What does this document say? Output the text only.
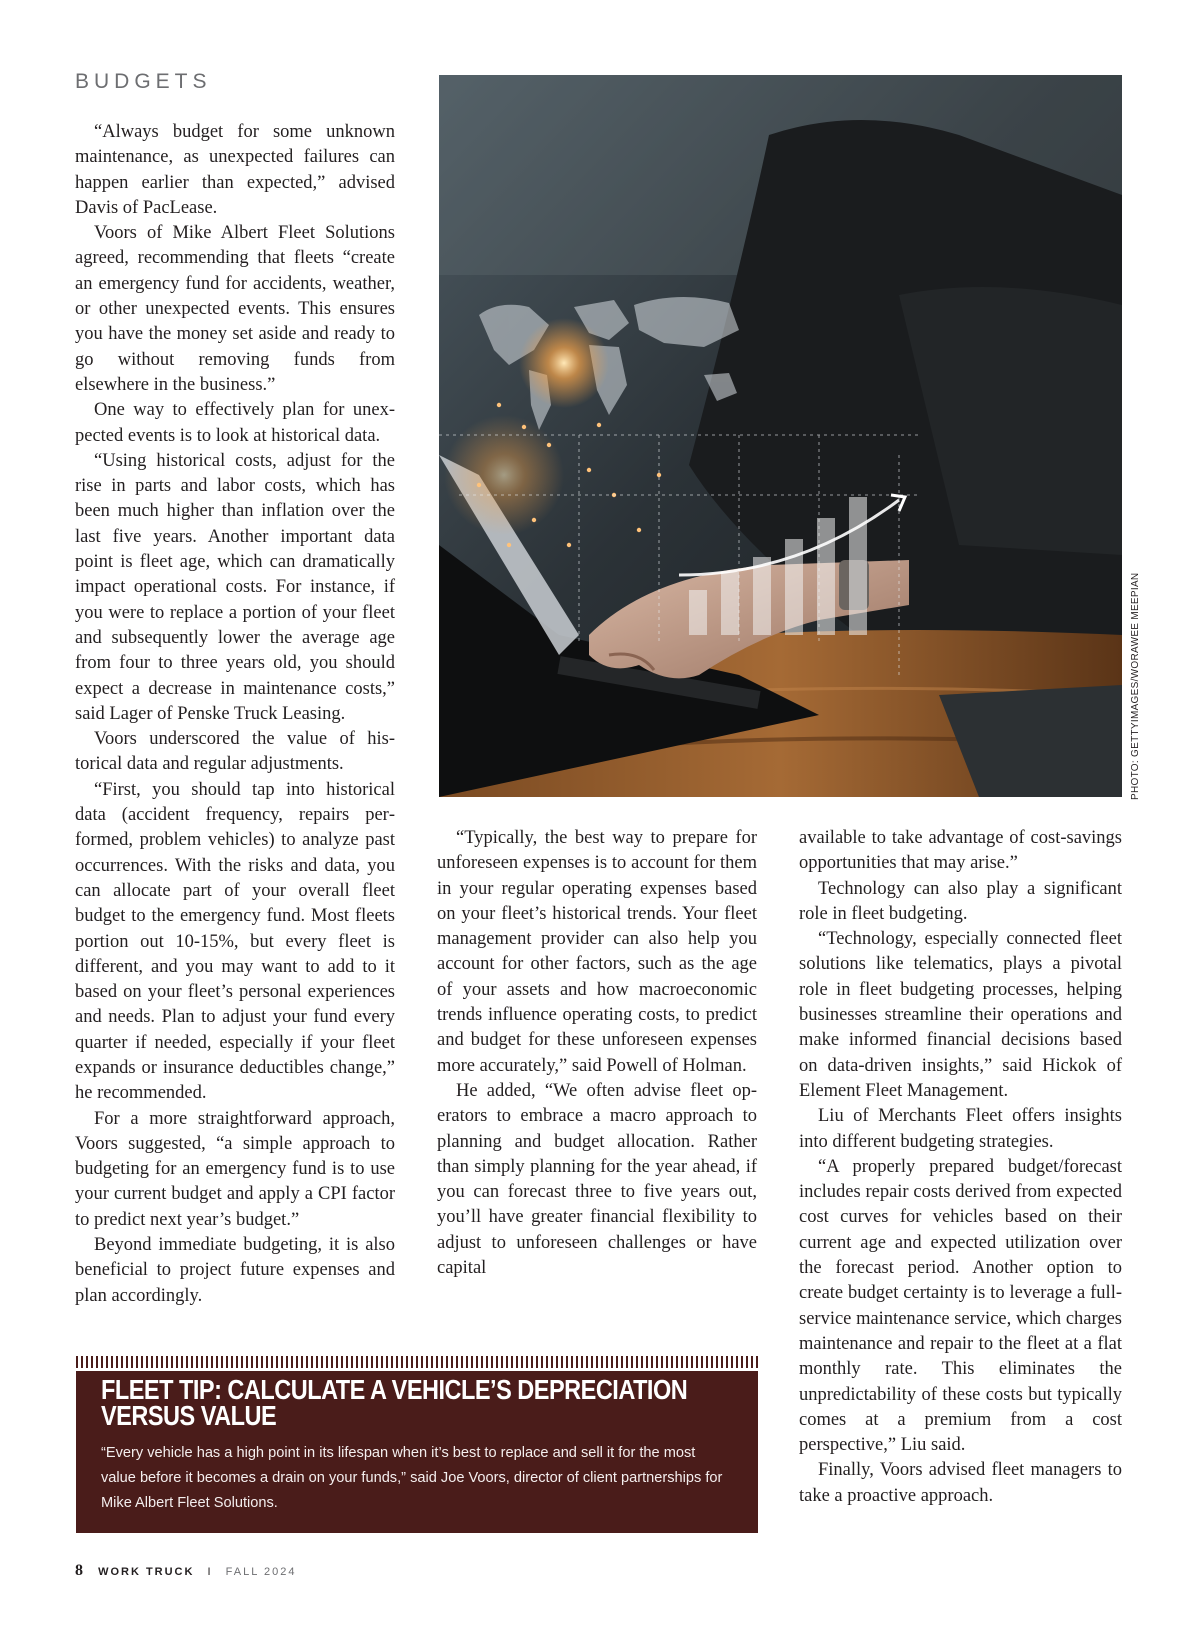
BUDGETS

“Always budget for some unknown maintenance, as unexpected failures can happen earlier than expected,” advised Davis of PacLease.

Voors of Mike Albert Fleet Solutions agreed, recommending that fleets “create an emergency fund for accidents, weather, or other unexpected events. This ensures you have the money set aside and ready to go without removing funds from elsewhere in the business.”

One way to effectively plan for unexpected events is to look at historical data.

“Using historical costs, adjust for the rise in parts and labor costs, which has been much higher than inflation over the last five years. Another important data point is fleet age, which can dramatically impact operational costs. For instance, if you were to replace a portion of your fleet and subsequently lower the average age from four to three years old, you should expect a decrease in maintenance costs,” said Lager of Penske Truck Leasing.

Voors underscored the value of historical data and regular adjustments.

“First, you should tap into historical data (accident frequency, repairs performed, problem vehicles) to analyze past occurrences. With the risks and data, you can allocate part of your overall fleet budget to the emergency fund. Most fleets portion out 10-15%, but every fleet is different, and you may want to add to it based on your fleet’s personal experiences and needs. Plan to adjust your fund every quarter if needed, especially if your fleet expands or insurance deductibles change,” he recommended.

For a more straightforward approach, Voors suggested, “a simple approach to budgeting for an emergency fund is to use your current budget and apply a CPI factor to predict next year’s budget.”

Beyond immediate budgeting, it is also beneficial to project future expenses and plan accordingly.

PHOTO: GETTYIMAGES/WORAWEE MEEPIAN

“Typically, the best way to prepare for unforeseen expenses is to account for them in your regular operating expenses based on your fleet’s historical trends. Your fleet management provider can also help you account for other factors, such as the age of your assets and how macroeconomic trends influence operating costs, to predict and budget for these unforeseen expenses more accurately,” said Powell of Holman.

He added, “We often advise fleet operators to embrace a macro approach to planning and budget allocation. Rather than simply planning for the year ahead, if you can forecast three to five years out, you’ll have greater financial flexibility to adjust to unforeseen challenges or have capital

available to take advantage of cost-savings opportunities that may arise.”

Technology can also play a significant role in fleet budgeting.

“Technology, especially connected fleet solutions like telematics, plays a pivotal role in fleet budgeting processes, helping businesses streamline their operations and make informed financial decisions based on data-driven insights,” said Hickok of Element Fleet Management.

Liu of Merchants Fleet offers insights into different budgeting strategies.

“A properly prepared budget/forecast includes repair costs derived from expected cost curves for vehicles based on their current age and expected utilization over the forecast period. Another option to create budget certainty is to leverage a full-service maintenance service, which charges maintenance and repair to the fleet at a flat monthly rate. This eliminates the unpredictability of these costs but typically comes at a premium from a cost perspective,” Liu said.

Finally, Voors advised fleet managers to take a proactive approach.

FLEET TIP: CALCULATE A VEHICLE’S DEPRECIATION VERSUS VALUE
“Every vehicle has a high point in its lifespan when it’s best to replace and sell it for the most value before it becomes a drain on your funds,” said Joe Voors, director of client partnerships for Mike Albert Fleet Solutions.
8 WORK TRUCK I FALL 2024
